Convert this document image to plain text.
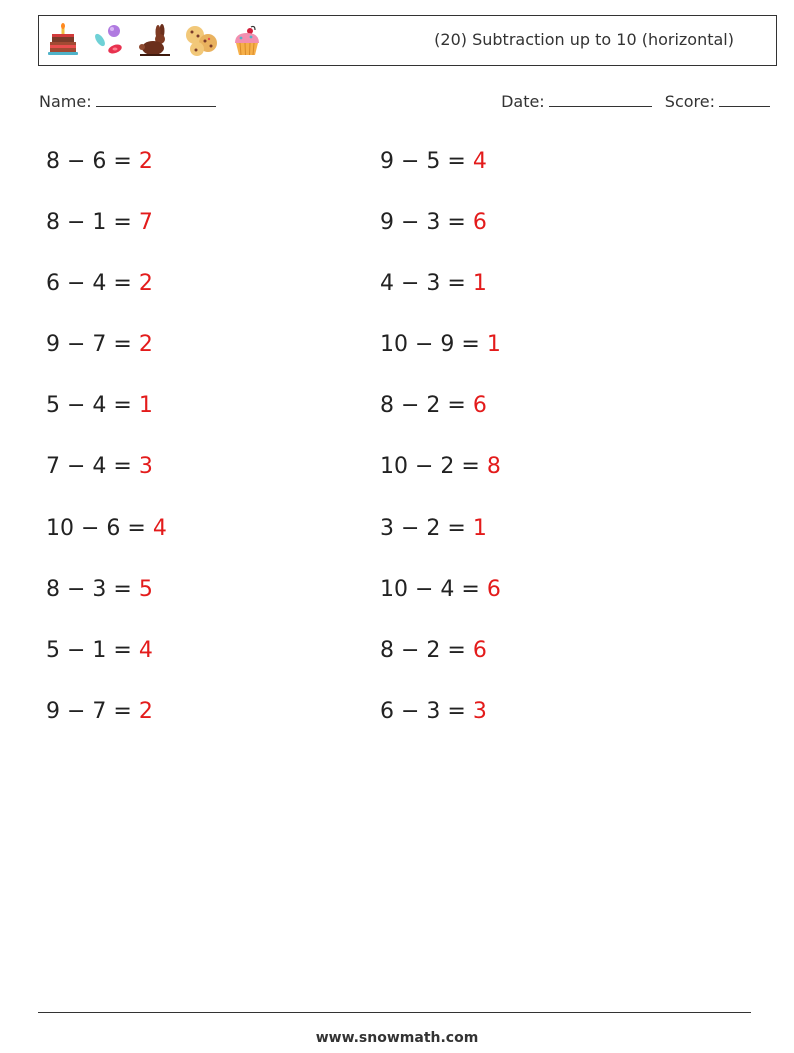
(20) Subtraction up to 10 (horizontal)
Name:	Date:	Score:
8 − 6 = 2	9 − 5 = 4
8 − 1 = 7	9 − 3 = 6
6 − 4 = 2	4 − 3 = 1
9 − 7 = 2	10 − 9 = 1
5 − 4 = 1	8 − 2 = 6
7 − 4 = 3	10 − 2 = 8
10 − 6 = 4	3 − 2 = 1
8 − 3 = 5	10 − 4 = 6
5 − 1 = 4	8 − 2 = 6
9 − 7 = 2	6 − 3 = 3
www.snowmath.com
